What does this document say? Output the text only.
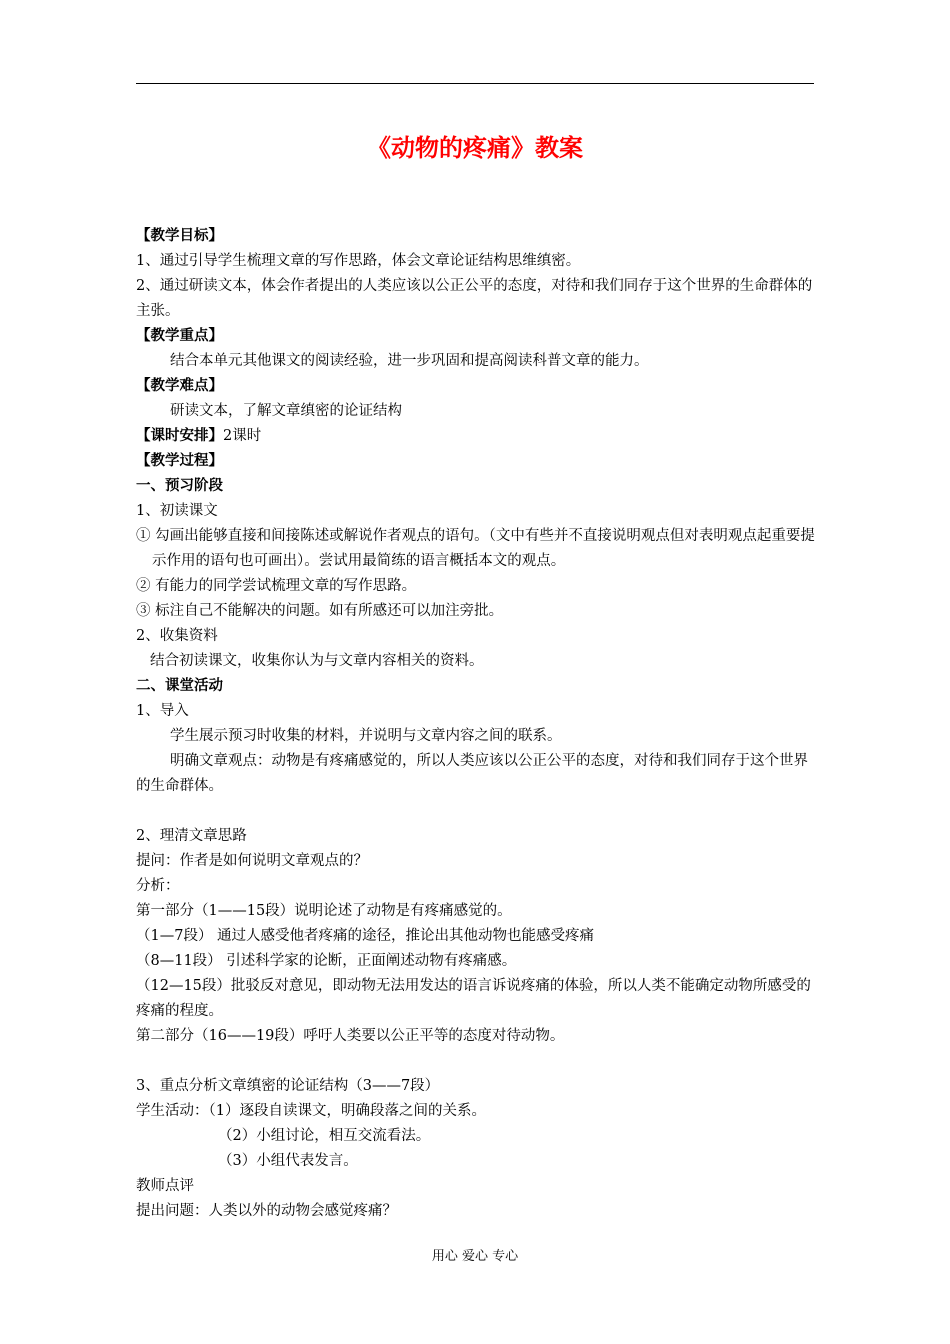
《动物的疼痛》教案
【教学目标】
1、通过引导学生梳理文章的写作思路，体会文章论证结构思维缜密。
2、通过研读文本，体会作者提出的人类应该以公正公平的态度，对待和我们同存于这个世界的生命群体的主张。
【教学重点】
结合本单元其他课文的阅读经验，进一步巩固和提高阅读科普文章的能力。
【教学难点】
研读文本，了解文章缜密的论证结构
【课时安排】2课时
【教学过程】
一、预习阶段
1、初读课文
① 勾画出能够直接和间接陈述或解说作者观点的语句。（文中有些并不直接说明观点但对表明观点起重要提示作用的语句也可画出）。尝试用最简练的语言概括本文的观点。
② 有能力的同学尝试梳理文章的写作思路。
③ 标注自己不能解决的问题。如有所感还可以加注旁批。
2、收集资料
结合初读课文，收集你认为与文章内容相关的资料。
二、课堂活动
1、导入
学生展示预习时收集的材料，并说明与文章内容之间的联系。
明确文章观点：动物是有疼痛感觉的，所以人类应该以公正公平的态度，对待和我们同存于这个世界的生命群体。
2、理清文章思路
提问：作者是如何说明文章观点的？
分析：
第一部分（1——15段）说明论述了动物是有疼痛感觉的。
（1—7段） 通过人感受他者疼痛的途径，推论出其他动物也能感受疼痛
（8—11段） 引述科学家的论断，正面阐述动物有疼痛感。
（12—15段）批驳反对意见，即动物无法用发达的语言诉说疼痛的体验，所以人类不能确定动物所感受的疼痛的程度。
第二部分（16——19段）呼吁人类要以公正平等的态度对待动物。
3、重点分析文章缜密的论证结构（3——7段）
学生活动：（1）逐段自读课文，明确段落之间的关系。
（2）小组讨论，相互交流看法。
（3）小组代表发言。
教师点评
提出问题：人类以外的动物会感觉疼痛？
用心 爱心 专心
